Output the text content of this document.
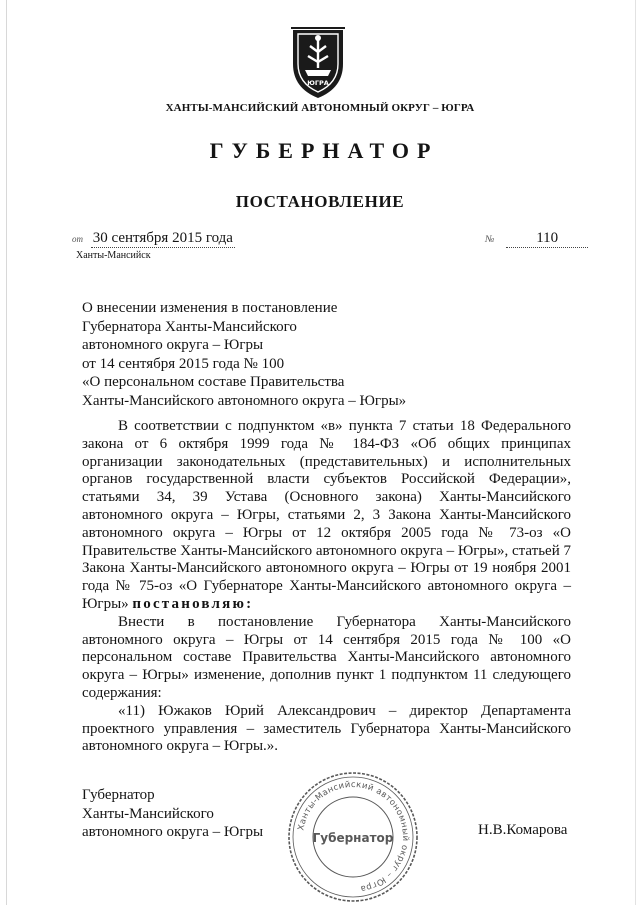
ЮГРА
ХАНТЫ-МАНСИЙСКИЙ АВТОНОМНЫЙ ОКРУГ – ЮГРА
ГУБЕРНАТОР
ПОСТАНОВЛЕНИЕ
от 30 сентября 2015 года	№	110
Ханты-Мансийск
О внесении изменения в постановление
Губернатора Ханты-Мансийского
автономного округа – Югры
от 14 сентября 2015 года № 100
«О персональном составе Правительства
Ханты-Мансийского автономного округа – Югры»

В соответствии с подпунктом «в» пункта 7 статьи 18 Федерального закона от 6 октября 1999 года № 184-ФЗ «Об общих принципах организации законодательных (представительных) и исполнительных органов государственной власти субъектов Российской Федерации», статьями 34, 39 Устава (Основного закона) Ханты-Мансийского автономного округа – Югры, статьями 2, 3 Закона Ханты-Мансийского автономного округа – Югры от 12 октября 2005 года № 73-оз «О Правительстве Ханты-Мансийского автономного округа – Югры», статьей 7 Закона Ханты-Мансийского автономного округа – Югры от 19 ноября 2001 года № 75-оз «О Губернаторе Ханты-Мансийского автономного округа – Югры» постановляю:

Внести в постановление Губернатора Ханты-Мансийского автономного округа – Югры от 14 сентября 2015 года № 100 «О персональном составе Правительства Ханты-Мансийского автономного округа – Югры» изменение, дополнив пункт 1 подпунктом 11 следующего содержания:

«11) Южаков Юрий Александрович – директор Департамента проектного управления – заместитель Губернатора Ханты-Мансийского автономного округа – Югры.».

Губернатор
Ханты-Мансийского
автономного округа – Югры	Ханты-Мансийский автономный округ – Югра
Губернатор	Н.В.Комарова
